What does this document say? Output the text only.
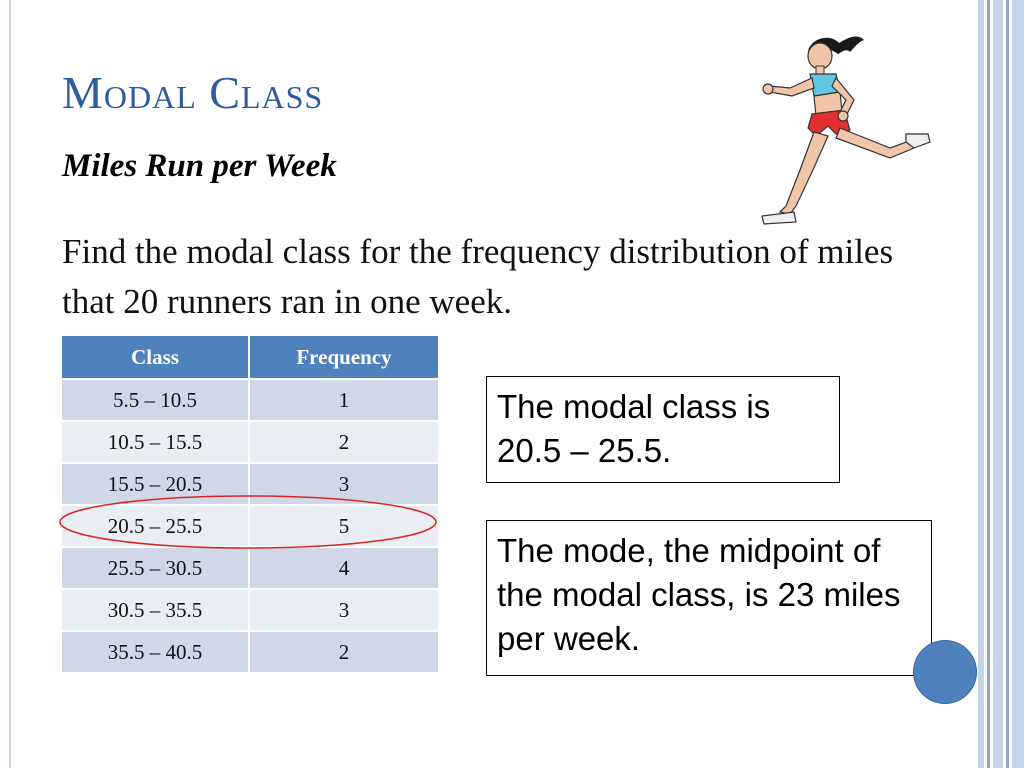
Modal Class
Miles Run per Week
Find the modal class for the frequency distribution of miles that 20 runners ran in one week.
Class	Frequency
5.5 – 10.5	1
10.5 – 15.5	2
15.5 – 20.5	3
20.5 – 25.5	5
25.5 – 30.5	4
30.5 – 35.5	3
35.5 – 40.5	2
The modal class is 20.5 – 25.5.
The mode, the midpoint of the modal class, is 23 miles per week.
